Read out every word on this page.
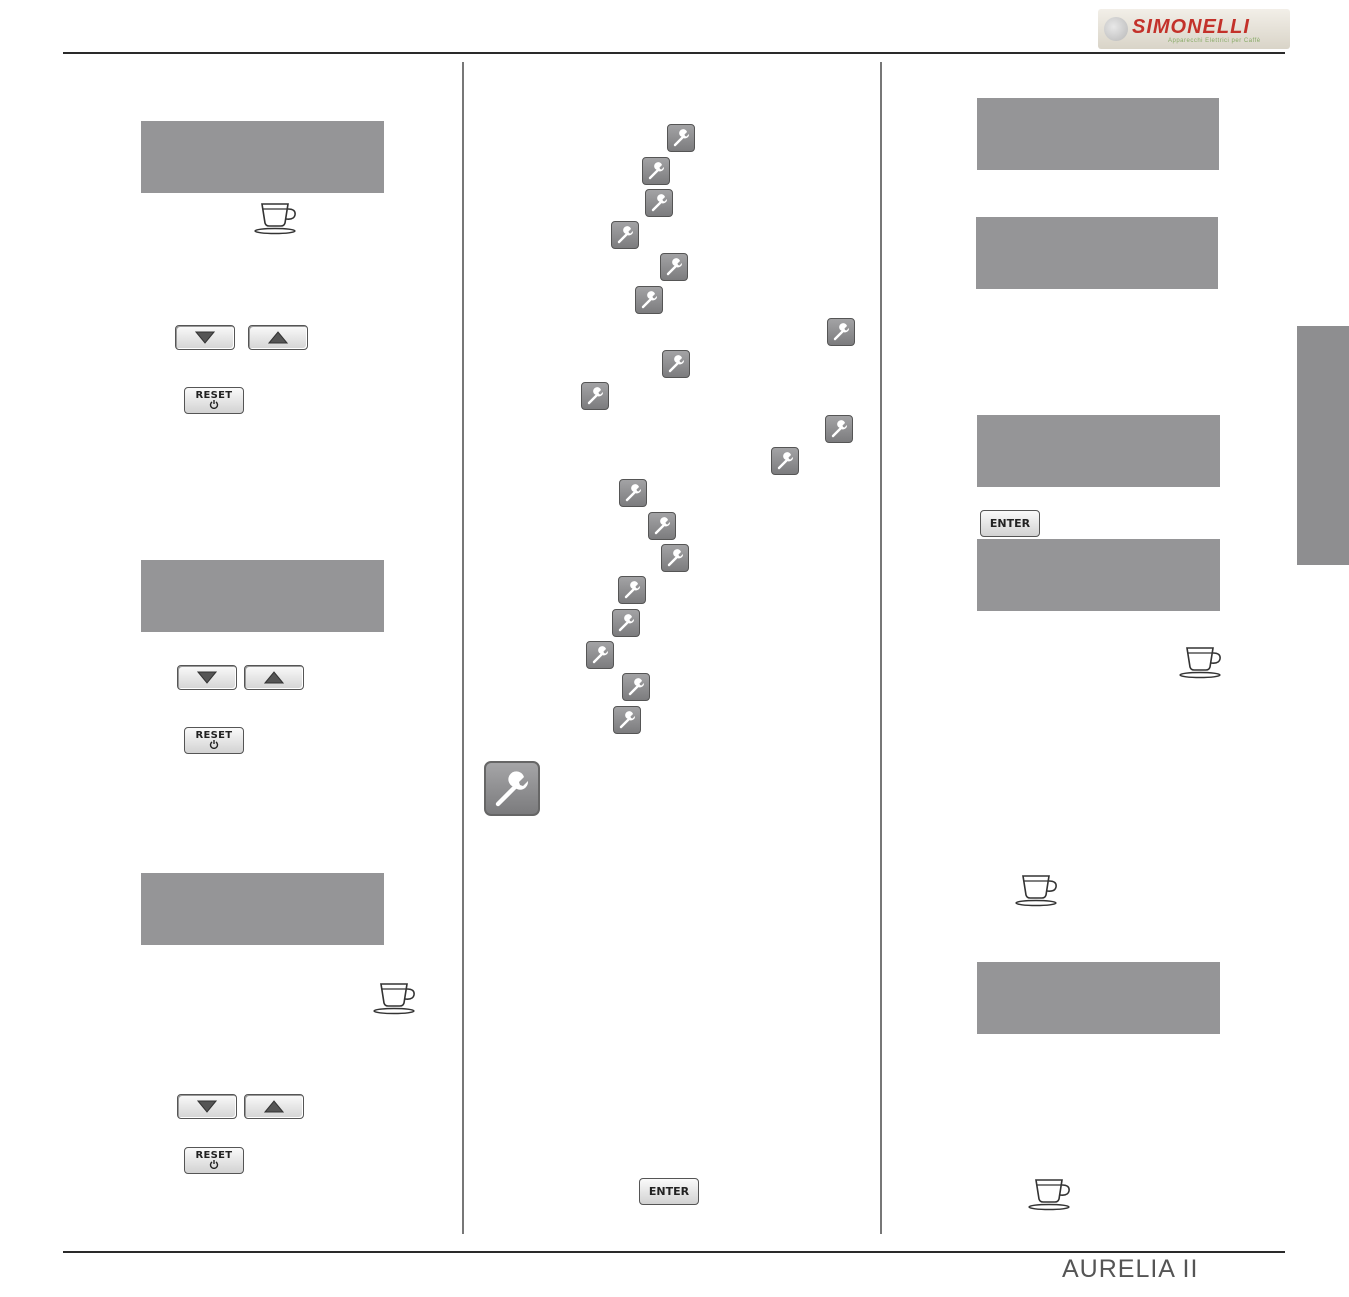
SIMONELLI
Apparecchi Elettrici per Caffè
RESET
RESET
RESET
ENTER
ENTER
AURELIA II
